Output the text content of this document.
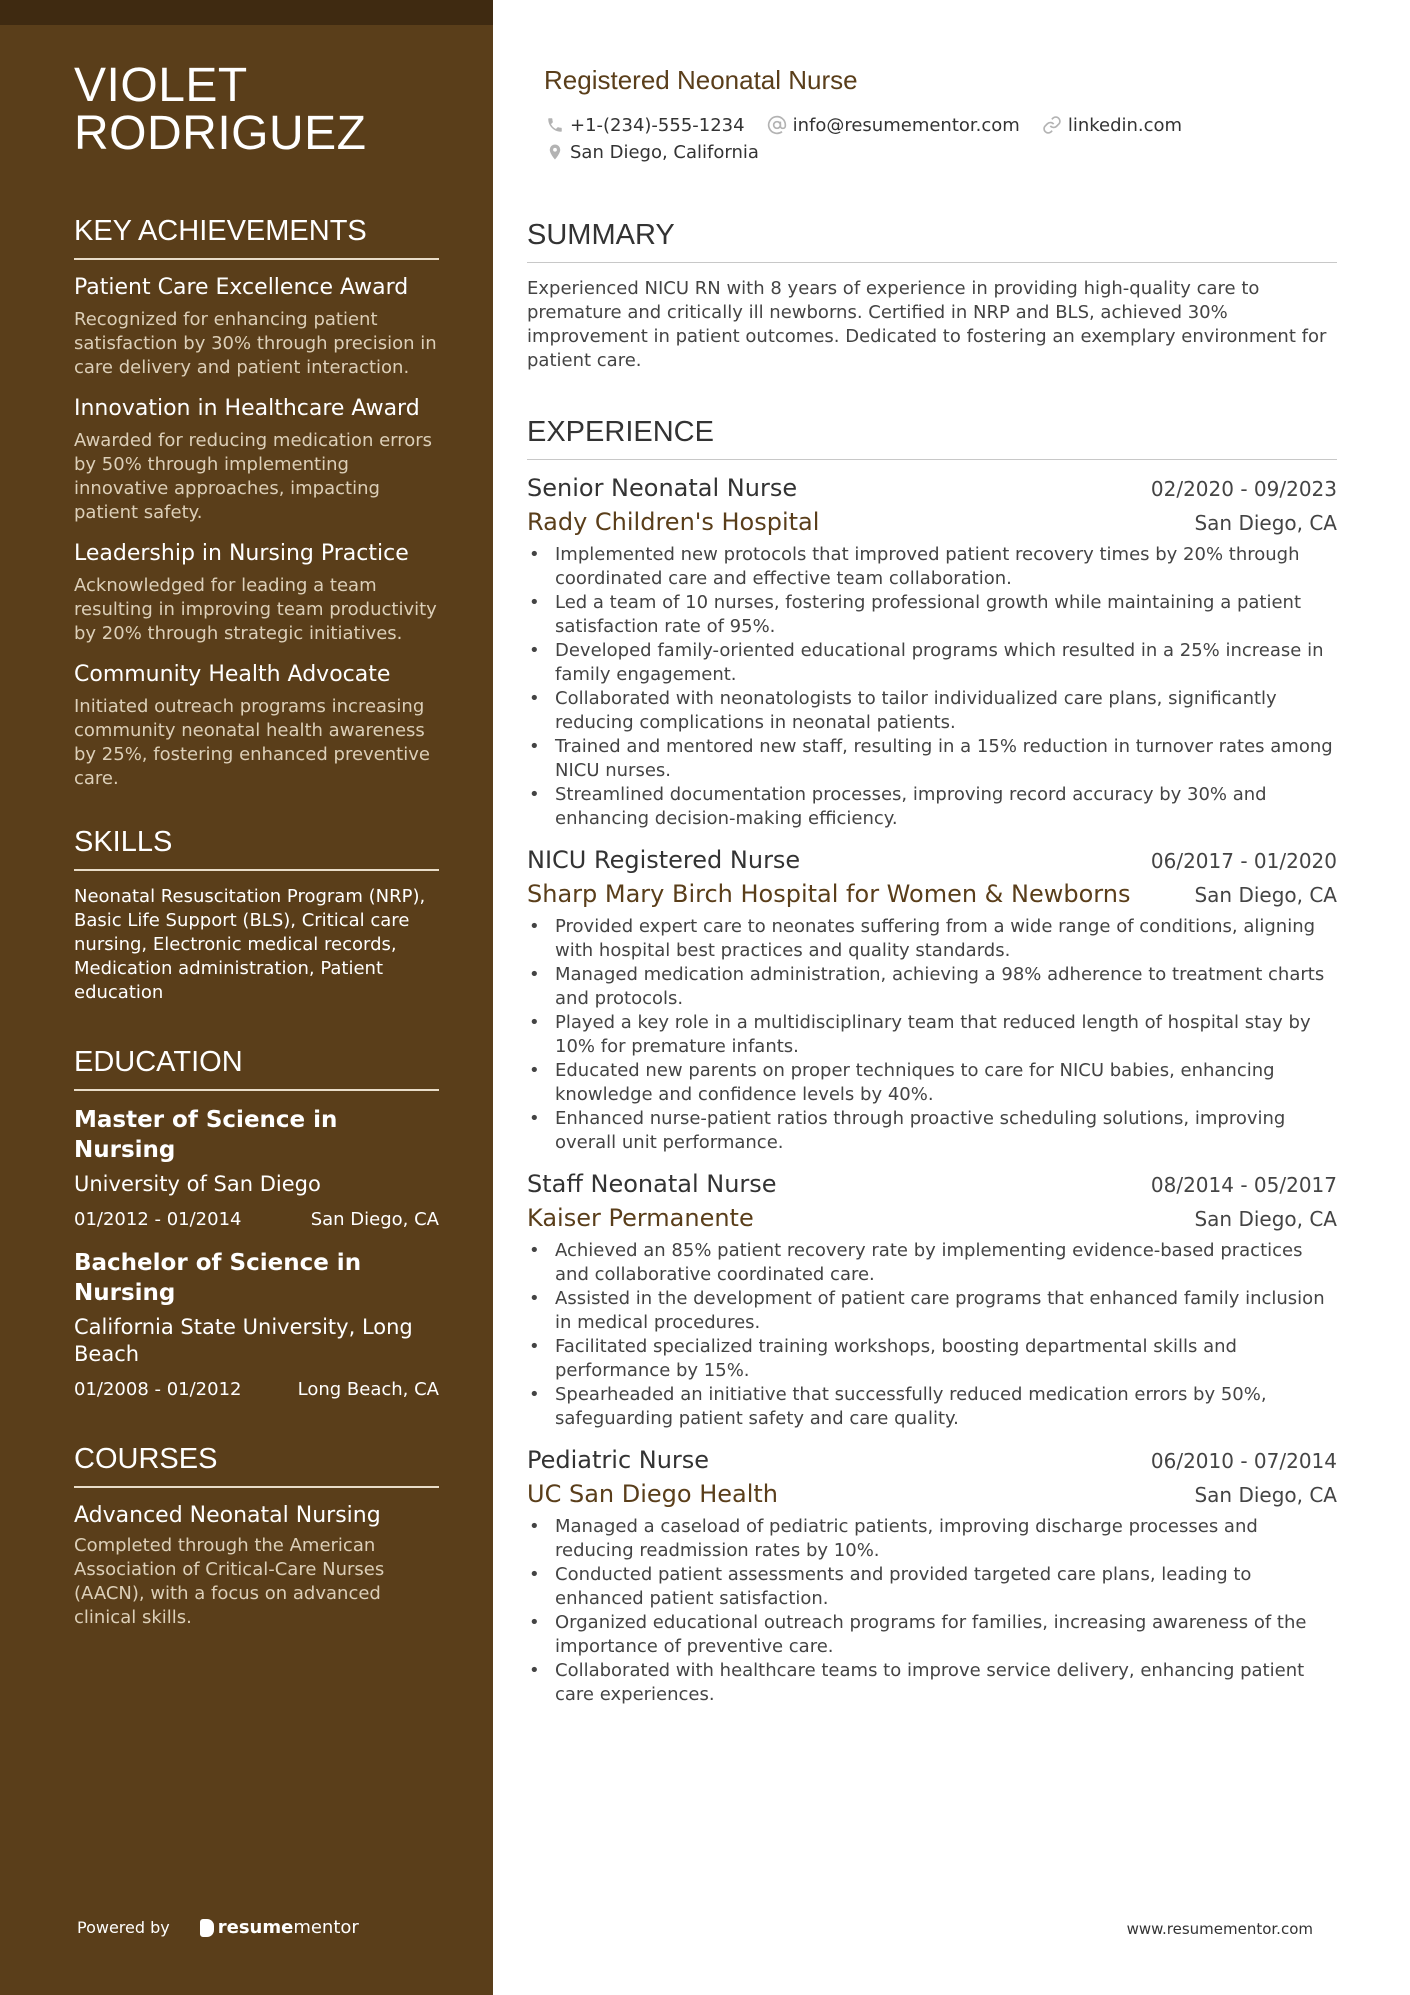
VIOLET
RODRIGUEZ
KEY ACHIEVEMENTS
Patient Care Excellence Award
Recognized for enhancing patient satisfaction by 30% through precision in care delivery and patient interaction.
Innovation in Healthcare Award
Awarded for reducing medication errors by 50% through implementing innovative approaches, impacting patient safety.
Leadership in Nursing Practice
Acknowledged for leading a team resulting in improving team productivity by 20% through strategic initiatives.
Community Health Advocate
Initiated outreach programs increasing community neonatal health awareness by 25%, fostering enhanced preventive care.
SKILLS
Neonatal Resuscitation Program (NRP), Basic Life Support (BLS), Critical care nursing, Electronic medical records, Medication administration, Patient education
EDUCATION
Master of Science in Nursing
University of San Diego
01/2012 - 01/2014	San Diego, CA
Bachelor of Science in Nursing
California State University, Long Beach
01/2008 - 01/2012	Long Beach, CA
COURSES
Advanced Neonatal Nursing
Completed through the American Association of Critical-Care Nurses (AACN), with a focus on advanced clinical skills.
Powered by	resume mentor
Registered Neonatal Nurse
+1-(234)-555-1234	info@resumementor.com	linkedin.com
San Diego, California
SUMMARY

Experienced NICU RN with 8 years of experience in providing high-quality care to premature and critically ill newborns. Certified in NRP and BLS, achieved 30% improvement in patient outcomes. Dedicated to fostering an exemplary environment for patient care.

EXPERIENCE
Senior Neonatal Nurse	02/2020 - 09/2023
Rady Children's Hospital	San Diego, CA
• Implemented new protocols that improved patient recovery times by 20% through coordinated care and effective team collaboration.
• Led a team of 10 nurses, fostering professional growth while maintaining a patient satisfaction rate of 95%.
• Developed family-oriented educational programs which resulted in a 25% increase in family engagement.
• Collaborated with neonatologists to tailor individualized care plans, significantly reducing complications in neonatal patients.
• Trained and mentored new staff, resulting in a 15% reduction in turnover rates among NICU nurses.
• Streamlined documentation processes, improving record accuracy by 30% and enhancing decision-making efficiency.
NICU Registered Nurse	06/2017 - 01/2020
Sharp Mary Birch Hospital for Women & Newborns	San Diego, CA
• Provided expert care to neonates suffering from a wide range of conditions, aligning with hospital best practices and quality standards.
• Managed medication administration, achieving a 98% adherence to treatment charts and protocols.
• Played a key role in a multidisciplinary team that reduced length of hospital stay by 10% for premature infants.
• Educated new parents on proper techniques to care for NICU babies, enhancing knowledge and confidence levels by 40%.
• Enhanced nurse-patient ratios through proactive scheduling solutions, improving overall unit performance.
Staff Neonatal Nurse	08/2014 - 05/2017
Kaiser Permanente	San Diego, CA
• Achieved an 85% patient recovery rate by implementing evidence-based practices and collaborative coordinated care.
• Assisted in the development of patient care programs that enhanced family inclusion in medical procedures.
• Facilitated specialized training workshops, boosting departmental skills and performance by 15%.
• Spearheaded an initiative that successfully reduced medication errors by 50%, safeguarding patient safety and care quality.
Pediatric Nurse	06/2010 - 07/2014
UC San Diego Health	San Diego, CA
• Managed a caseload of pediatric patients, improving discharge processes and reducing readmission rates by 10%.
• Conducted patient assessments and provided targeted care plans, leading to enhanced patient satisfaction.
• Organized educational outreach programs for families, increasing awareness of the importance of preventive care.
• Collaborated with healthcare teams to improve service delivery, enhancing patient care experiences.
www.resumementor.com
